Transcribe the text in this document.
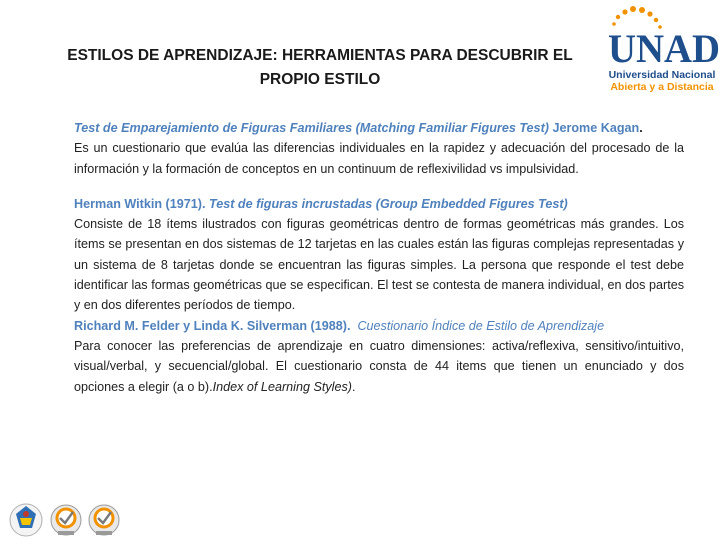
ESTILOS DE APRENDIZAJE: HERRAMIENTAS PARA DESCUBRIR EL
PROPIO ESTILO
UNAD
Universidad Nacional
Abierta y a Distancia

Test de Emparejamiento de Figuras Familiares (Matching Familiar Figures Test) Jerome Kagan.

Es un cuestionario que evalúa las diferencias individuales en la rapidez y adecuación del procesado de la información y la formación de conceptos en un continuum de reflexivilidad vs impulsividad.

Herman Witkin (1971). Test de figuras incrustadas (Group Embedded Figures Test)

Consiste de 18 ítems ilustrados con figuras geométricas dentro de formas geométricas más grandes. Los ítems se presentan en dos sistemas de 12 tarjetas en las cuales están las figuras complejas representadas y un sistema de 8 tarjetas donde se encuentran las figuras simples. La persona que responde el test debe identificar las formas geométricas que se especifican. El test se contesta de manera individual, en dos partes y en dos diferentes períodos de tiempo.

Richard M. Felder y Linda K. Silverman (1988). Cuestionario Índice de Estilo de Aprendizaje

Para conocer las preferencias de aprendizaje en cuatro dimensiones: activa/reflexiva, sensitivo/intuitivo, visual/verbal, y secuencial/global. El cuestionario consta de 44 items que tienen un enunciado y dos opciones a elegir (a o b).Index of Learning Styles).
